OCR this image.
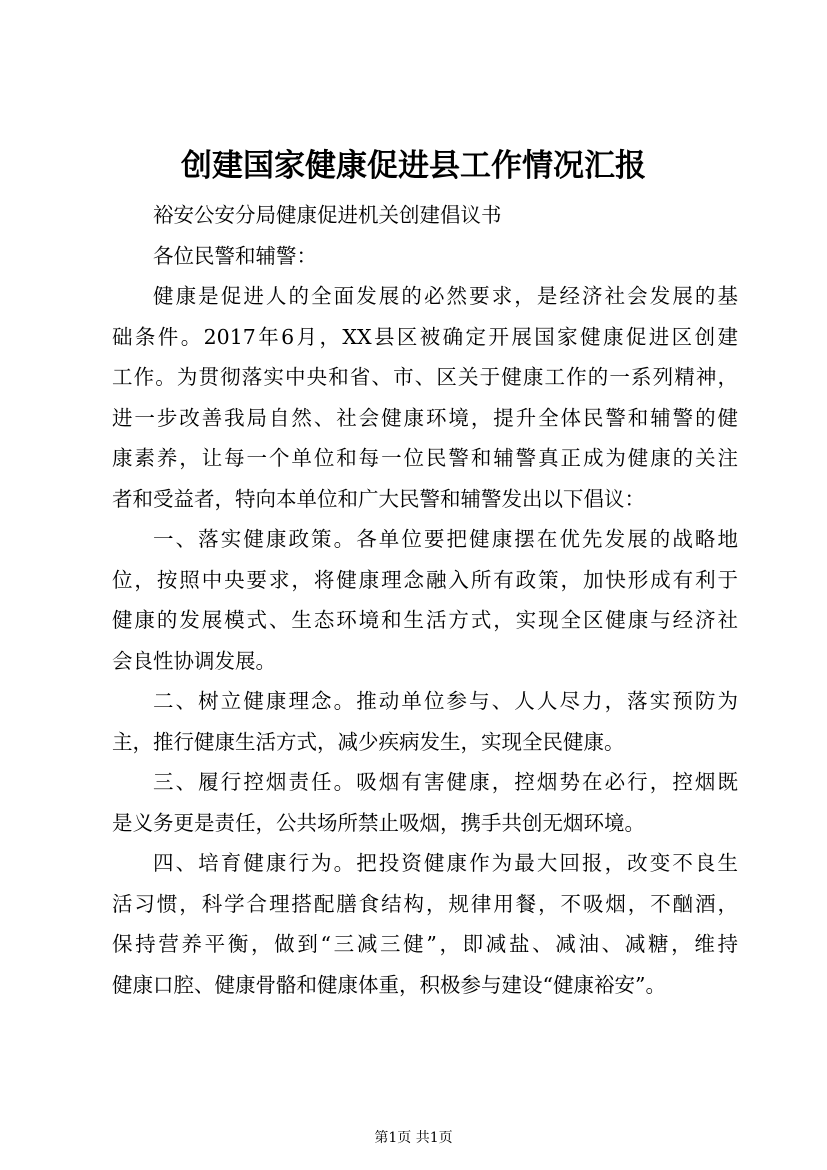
创建国家健康促进县工作情况汇报
裕安公安分局健康促进机关创建倡议书
各位民警和辅警：
健康是促进人的全面发展的必然要求，是经济社会发展的基
础条件。2017年6月，XX县区被确定开展国家健康促进区创建
工作。为贯彻落实中央和省、市、区关于健康工作的一系列精神，
进一步改善我局自然、社会健康环境，提升全体民警和辅警的健
康素养，让每一个单位和每一位民警和辅警真正成为健康的关注
者和受益者，特向本单位和广大民警和辅警发出以下倡议：
一、落实健康政策。各单位要把健康摆在优先发展的战略地
位，按照中央要求，将健康理念融入所有政策，加快形成有利于
健康的发展模式、生态环境和生活方式，实现全区健康与经济社
会良性协调发展。
二、树立健康理念。推动单位参与、人人尽力，落实预防为
主，推行健康生活方式，减少疾病发生，实现全民健康。
三、履行控烟责任。吸烟有害健康，控烟势在必行，控烟既
是义务更是责任，公共场所禁止吸烟，携手共创无烟环境。
四、培育健康行为。把投资健康作为最大回报，改变不良生
活习惯，科学合理搭配膳食结构，规律用餐，不吸烟，不酗酒，
保持营养平衡，做到“三减三健”，即减盐、减油、减糖，维持
健康口腔、健康骨骼和健康体重，积极参与建设“健康裕安”。
第1页 共1页
